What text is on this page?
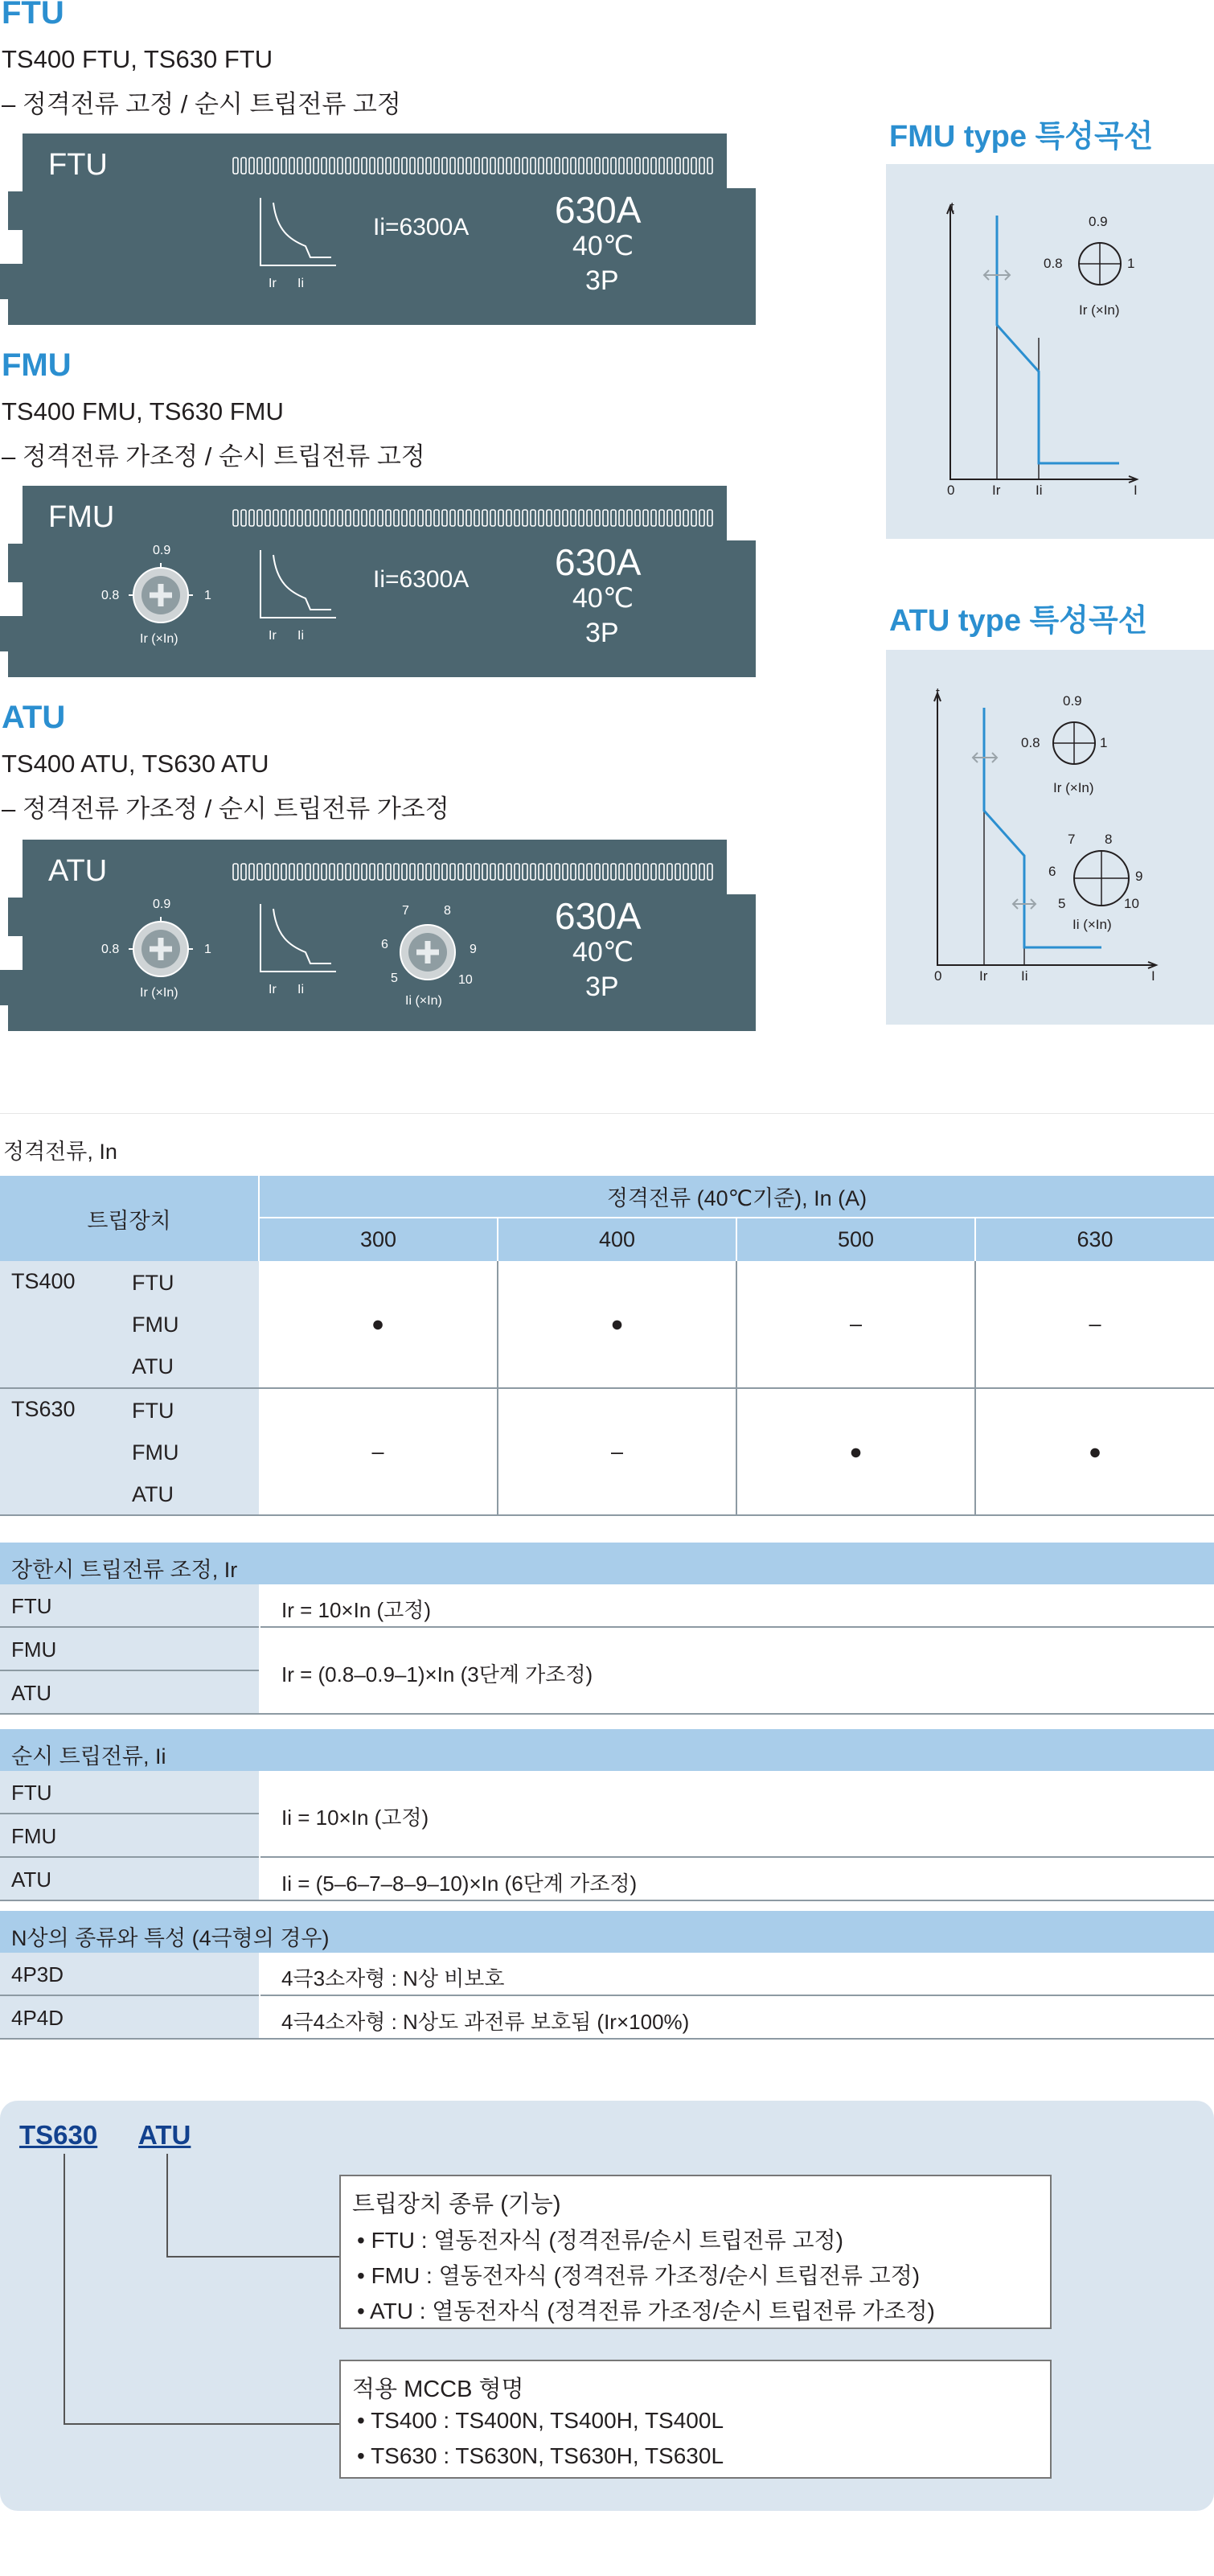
FTU
TS400 FTU, TS630 FTU
– 정격전류 고정 / 순시 트립전류 고정
FTU
Ir Ii
Ii=6300A 630A
40℃
3P
FMU
TS400 FMU, TS630 FMU
– 정격전류 가조정 / 순시 트립전류 고정
FMU
0.9
0.8	1
Ir (×In)	Ir Ii
Ii=6300A 630A
40℃
3P
ATU
TS400 ATU, TS630 ATU
– 정격전류 가조정 / 순시 트립전류 가조정
ATU
0.9
0.8	1
Ir (×In)	Ir Ii
7	8
6	9
5	10
Ii (×In)
630A
40℃
3P
FMU type 특성곡선
t
0.9
0.8	1
Ir (×In)
0	Ir	Ii	I
ATU type 특성곡선
t
0.9
0.8	1
Ir (×In)
7 8
6	9
5	10
Ii (×In)
0	Ir Ii	I
정격전류, In
트립장치	정격전류 (40℃기준), In (A)			
	300	400	500	630

TS400 FTU
FMU
ATU	●	●	–	–

TS630 FTU
FMU
ATU	–	–	●	●
장한시 트립전류 조정, Ir
FTU	Ir = 10×In (고정)
FMU
ATU
Ir = (0.8–0.9–1)×In (3단계 가조정)
순시 트립전류, Ii
FTU
FMU
Ii = 10×In (고정)
ATU	Ii = (5–6–7–8–9–10)×In (6단계 가조정)
N상의 종류와 특성 (4극형의 경우)
4P3D	4극3소자형 : N상 비보호
4P4D	4극4소자형 : N상도 과전류 보호됨 (Ir×100%)
TS630 ATU
트립장치 종류 (기능)
• FTU : 열동전자식 (정격전류/순시 트립전류 고정)
• FMU : 열동전자식 (정격전류 가조정/순시 트립전류 고정)
• ATU : 열동전자식 (정격전류 가조정/순시 트립전류 가조정)
적용 MCCB 형명
• TS400 : TS400N, TS400H, TS400L
• TS630 : TS630N, TS630H, TS630L
